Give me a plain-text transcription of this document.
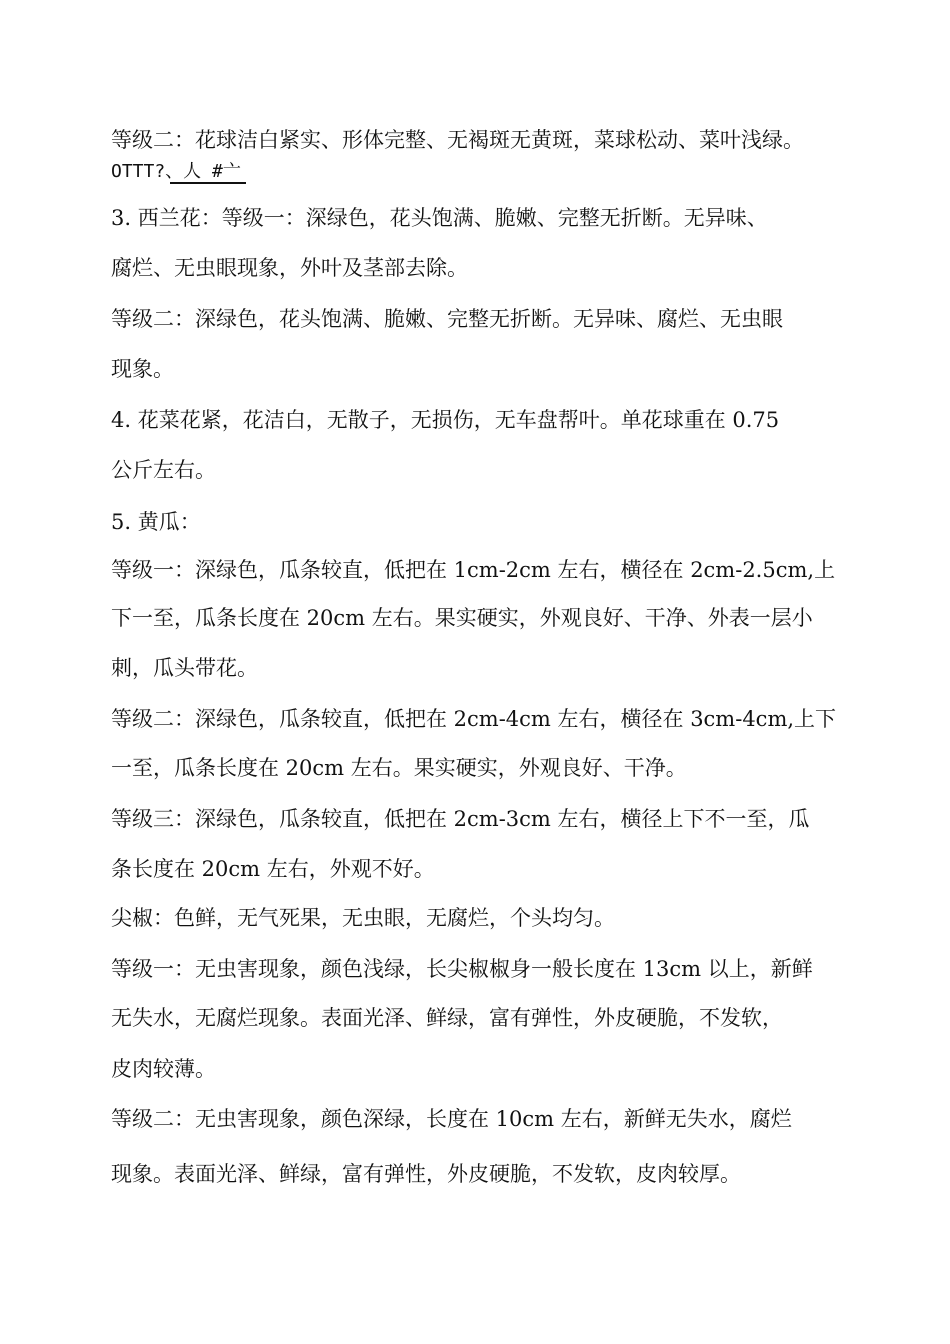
等级二：花球洁白紧实、形体完整、无褐斑无黄斑，菜球松动、菜叶浅绿。
OTTT?、人 #亠
3. 西兰花：等级一：深绿色，花头饱满、脆嫩、完整无折断。无异味、
腐烂、无虫眼现象，外叶及茎部去除。
等级二：深绿色，花头饱满、脆嫩、完整无折断。无异味、腐烂、无虫眼
现象。
4. 花菜花紧，花洁白，无散子，无损伤，无车盘帮叶。单花球重在 0.75
公斤左右。
5. 黄瓜：
等级一：深绿色，瓜条较直，低把在 1cm-2cm 左右，横径在 2cm-2.5cm,上
下一至，瓜条长度在 20cm 左右。果实硬实，外观良好、干净、外表一层小
刺，瓜头带花。
等级二：深绿色，瓜条较直，低把在 2cm-4cm 左右，横径在 3cm-4cm,上下
一至，瓜条长度在 20cm 左右。果实硬实，外观良好、干净。
等级三：深绿色，瓜条较直，低把在 2cm-3cm 左右，横径上下不一至，瓜
条长度在 20cm 左右，外观不好。
尖椒：色鲜，无气死果，无虫眼，无腐烂，个头均匀。
等级一：无虫害现象，颜色浅绿，长尖椒椒身一般长度在 13cm 以上，新鲜
无失水，无腐烂现象。表面光泽、鲜绿，富有弹性，外皮硬脆，不发软，
皮肉较薄。
等级二：无虫害现象，颜色深绿，长度在 10cm 左右，新鲜无失水，腐烂
现象。表面光泽、鲜绿，富有弹性，外皮硬脆，不发软，皮肉较厚。
